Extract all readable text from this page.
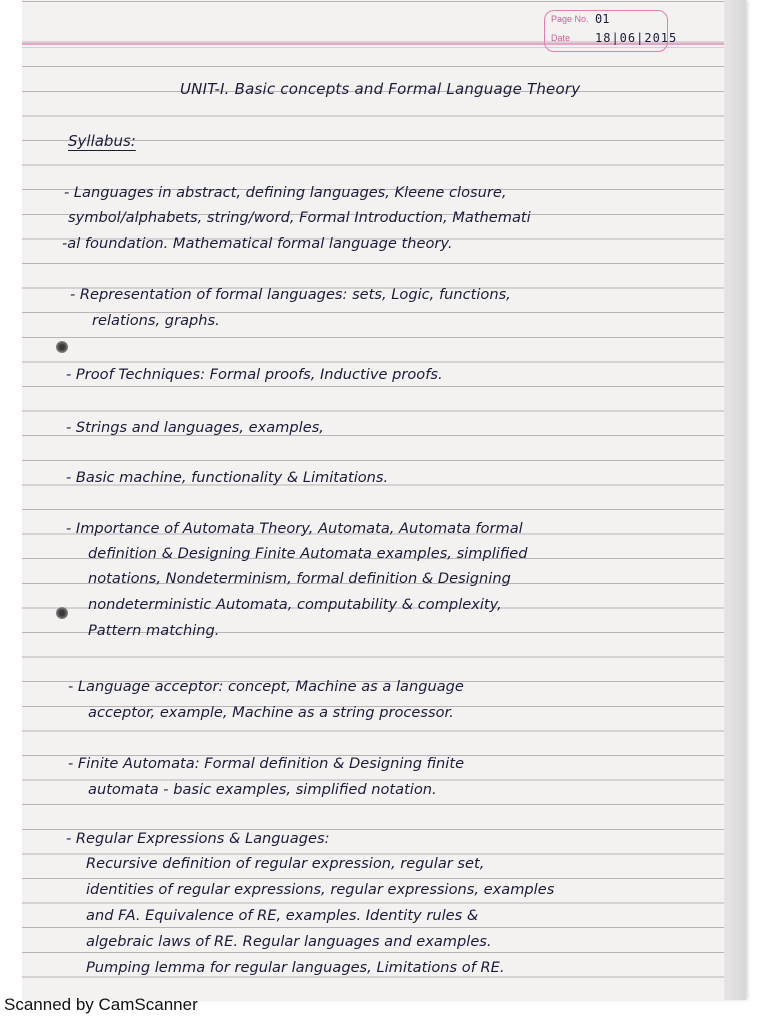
Page No. 01
Date 18|06|2015
UNIT-I. Basic concepts and Formal Language Theory
Syllabus:
- Languages in abstract, defining languages, Kleene closure,
symbol/alphabets, string/word, Formal Introduction, Mathemati
-al foundation. Mathematical formal language theory.
- Representation of formal languages: sets, Logic, functions,
relations, graphs.
- Proof Techniques: Formal proofs, Inductive proofs.
- Strings and languages, examples,
- Basic machine, functionality & Limitations.
- Importance of Automata Theory, Automata, Automata formal
definition & Designing Finite Automata examples, simplified
notations, Nondeterminism, formal definition & Designing
nondeterministic Automata, computability & complexity,
Pattern matching.
- Language acceptor: concept, Machine as a language
acceptor, example, Machine as a string processor.
- Finite Automata: Formal definition & Designing finite
automata - basic examples, simplified notation.
- Regular Expressions & Languages:
Recursive definition of regular expression, regular set,
identities of regular expressions, regular expressions, examples
and FA. Equivalence of RE, examples. Identity rules &
algebraic laws of RE. Regular languages and examples.
Pumping lemma for regular languages, Limitations of RE.
Scanned by CamScanner
